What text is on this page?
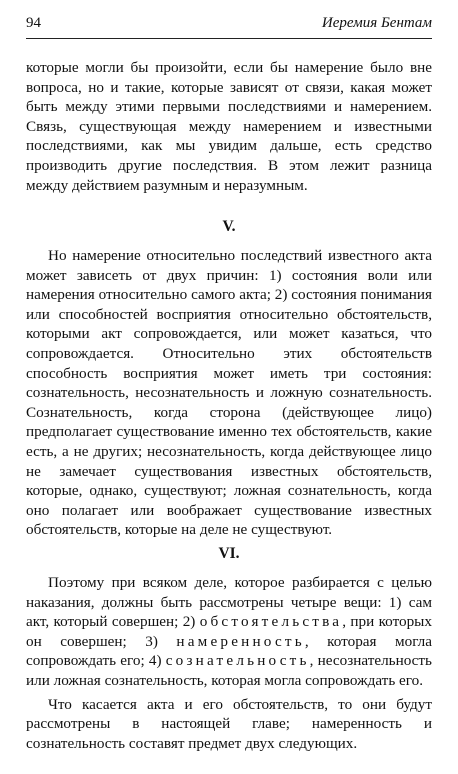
94	Иеремия Бентам

которые могли бы произойти, если бы намерение было вне вопроса, но и такие, которые зависят от связи, какая может быть между этими первыми последствиями и намерением. Связь, существующая между намерением и известными последствиями, как мы увидим дальше, есть средство производить другие последствия. В этом лежит разница между действием разумным и неразумным.

V.

Но намерение относительно последствий известного акта может зависеть от двух причин: 1) состояния воли или намерения относительно самого акта; 2) состояния понимания или способностей восприятия относительно обстоятельств, которыми акт сопровождается, или может казаться, что сопровождается. Относительно этих обстоятельств способность восприятия может иметь три состояния: сознательность, несознательность и ложную сознательность. Сознательность, когда сторона (действующее лицо) предполагает существование именно тех обстоятельств, какие есть, а не других; несознательность, когда действующее лицо не замечает существования известных обстоятельств, которые, однако, существуют; ложная сознательность, когда оно полагает или воображает существование известных обстоятельств, которые на деле не существуют.

VI.

Поэтому при всяком деле, которое разбирается с целью наказания, должны быть рассмотрены четыре вещи: 1) сам акт, который совершен; 2) обстоятельства, при которых он совершен; 3) намеренность, которая могла сопровождать его; 4) сознательность, несознательность или ложная сознательность, которая могла сопровождать его.

Что касается акта и его обстоятельств, то они будут рассмотрены в настоящей главе; намеренность и сознательность составят предмет двух следующих.
